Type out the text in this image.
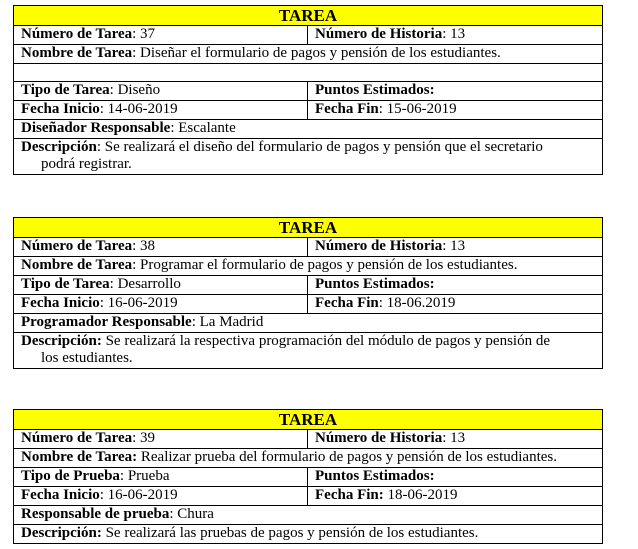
TAREA	
Número de Tarea: 37	Número de Historia: 13
Nombre de Tarea: Diseñar el formulario de pagos y pensión de los estudiantes.	

Tipo de Tarea: Diseño	Puntos Estimados:
Fecha Inicio: 14-06-2019	Fecha Fin: 15-06-2019
Diseñador Responsable: Escalante	

Descripción: Se realizará el diseño del formulario de pagos y pensión que el secretario
podrá registrar.	
TAREA	
Número de Tarea: 38	Número de Historia: 13
Nombre de Tarea: Programar el formulario de pagos y pensión de los estudiantes.	
Tipo de Tarea: Desarrollo	Puntos Estimados:
Fecha Inicio: 16-06-2019	Fecha Fin: 18-06.2019
Programador Responsable: La Madrid	

Descripción: Se realizará la respectiva programación del módulo de pagos y pensión de
los estudiantes.	
TAREA	
Número de Tarea: 39	Número de Historia: 13
Nombre de Tarea: Realizar prueba del formulario de pagos y pensión de los estudiantes.	
Tipo de Prueba: Prueba	Puntos Estimados:
Fecha Inicio: 16-06-2019	Fecha Fin: 18-06-2019
Responsable de prueba: Chura	
Descripción: Se realizará las pruebas de pagos y pensión de los estudiantes.	
